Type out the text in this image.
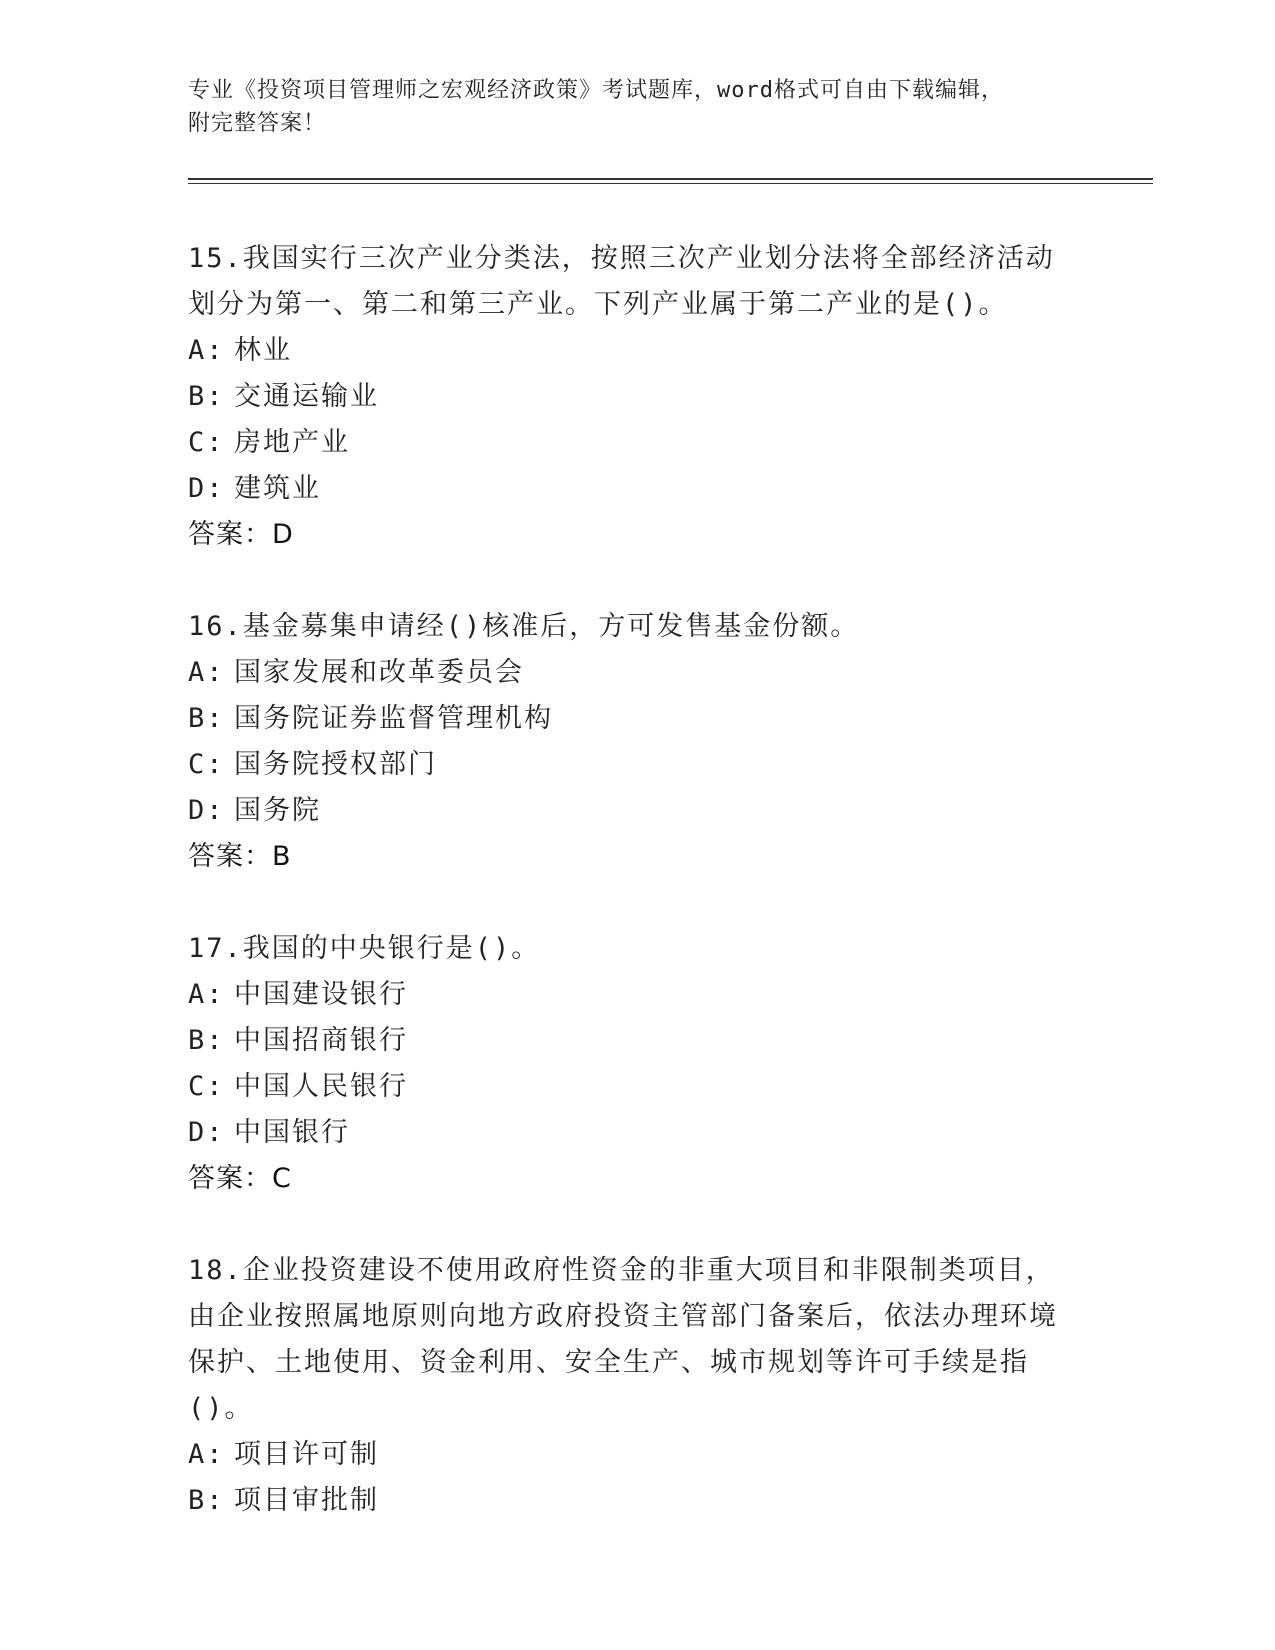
专业《投资项目管理师之宏观经济政策》考试题库，word格式可自由下载编辑，
附完整答案！
15.我国实行三次产业分类法，按照三次产业划分法将全部经济活动划分为第一、第二和第三产业。下列产业属于第二产业的是()。
A: 林业
B: 交通运输业
C: 房地产业
D: 建筑业
答案：D
16.基金募集申请经()核准后，方可发售基金份额。
A: 国家发展和改革委员会
B: 国务院证券监督管理机构
C: 国务院授权部门
D: 国务院
答案：B
17.我国的中央银行是()。
A: 中国建设银行
B: 中国招商银行
C: 中国人民银行
D: 中国银行
答案：C
18.企业投资建设不使用政府性资金的非重大项目和非限制类项目，由企业按照属地原则向地方政府投资主管部门备案后，依法办理环境保护、土地使用、资金利用、安全生产、城市规划等许可手续是指()。
A: 项目许可制
B: 项目审批制
